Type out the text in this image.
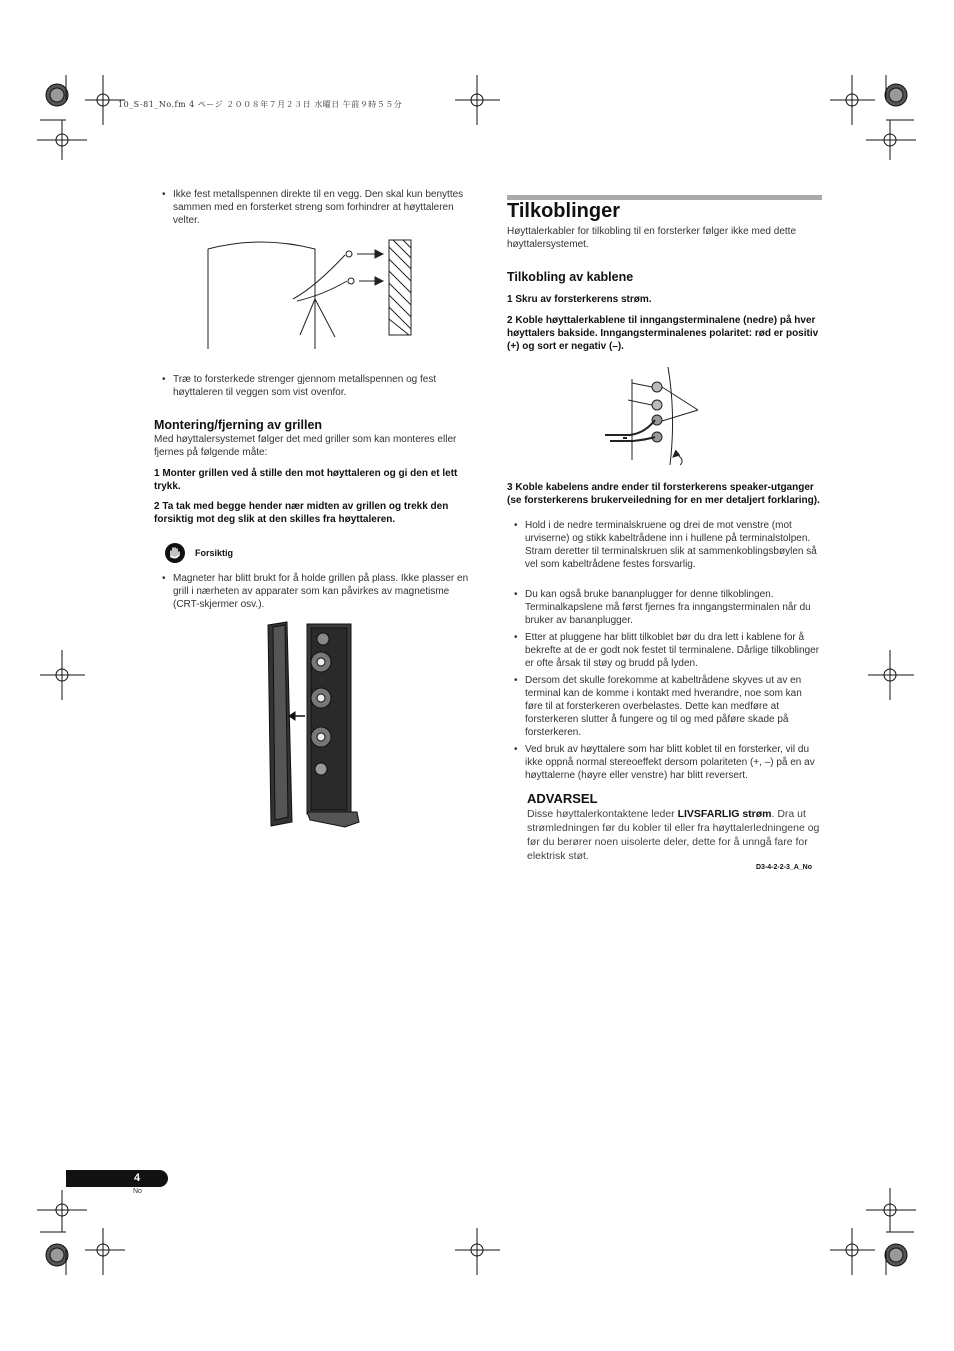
10_S-81_No.fm 4 ページ ２００８年７月２３日 水曜日 午前９時５５分
• Ikke fest metallspennen direkte til en vegg. Den skal kun benyttes sammen med en forsterket streng som forhindrer at høyttaleren velter.
• Træ to forsterkede strenger gjennom metallspennen og fest høyttaleren til veggen som vist ovenfor.
Montering/fjerning av grillen
Med høyttalersystemet følger det med griller som kan monteres eller fjernes på følgende måte:
1 Monter grillen ved å stille den mot høyttaleren og gi den et lett trykk.
2 Ta tak med begge hender nær midten av grillen og trekk den forsiktig mot deg slik at den skilles fra høyttaleren.
Forsiktig
• Magneter har blitt brukt for å holde grillen på plass. Ikke plasser en grill i nærheten av apparater som kan påvirkes av magnetisme (CRT-skjermer osv.).
Tilkoblinger
Høyttalerkabler for tilkobling til en forsterker følger ikke med dette høyttalersystemet.
Tilkobling av kablene
1 Skru av forsterkerens strøm.
2 Koble høyttalerkablene til inngangsterminalene (nedre) på hver høyttalers bakside. Inngangsterminalenes polaritet: rød er positiv (+) og sort er negativ (–).
3 Koble kabelens andre ender til forsterkerens speaker-utganger (se forsterkerens brukerveiledning for en mer detaljert forklaring).
• Hold i de nedre terminalskruene og drei de mot venstre (mot urviserne) og stikk kabeltrådene inn i hullene på terminalstolpen. Stram deretter til terminalskruen slik at sammenkoblingsbøylen så vel som kabeltrådene festes forsvarlig.
• Du kan også bruke bananplugger for denne tilkoblingen. Terminalkapslene må først fjernes fra inngangsterminalen når du bruker av bananplugger.
• Etter at pluggene har blitt tilkoblet bør du dra lett i kablene for å bekrefte at de er godt nok festet til terminalene. Dårlige tilkoblinger er ofte årsak til støy og brudd på lyden.
• Dersom det skulle forekomme at kabeltrådene skyves ut av en terminal kan de komme i kontakt med hverandre, noe som kan føre til at forsterkeren overbelastes. Dette kan medføre at forsterkeren slutter å fungere og til og med påføre skade på forsterkeren.
• Ved bruk av høyttalere som har blitt koblet til en forsterker, vil du ikke oppnå normal stereoeffekt dersom polariteten (+, –) på en av høyttalerne (høyre eller venstre) har blitt reversert.
ADVARSEL
Disse høyttalerkontaktene leder LIVSFARLIG strøm. Dra ut strømledningen før du kobler til eller fra høyttalerledningene og før du berører noen uisolerte deler, dette for å unngå fare for elektrisk støt.
D3-4-2-2-3_A_No
4
No
